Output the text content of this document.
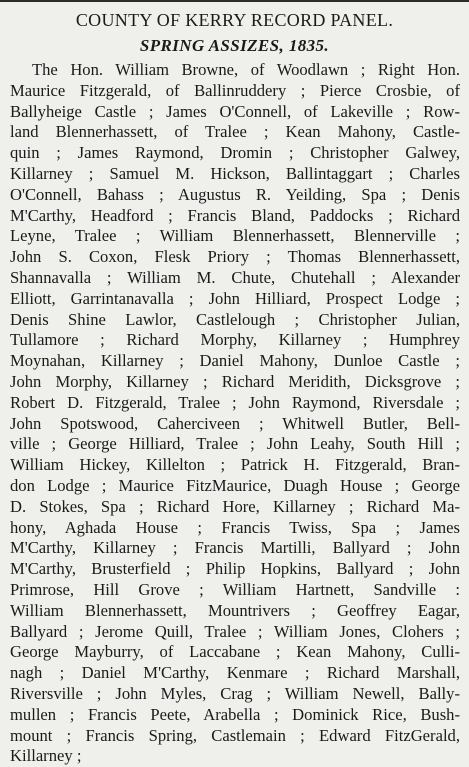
COUNTY OF KERRY RECORD PANEL.
SPRING ASSIZES, 1835.
The Hon. William Browne, of Woodlawn ; Right Hon.
Maurice Fitzgerald, of Ballinruddery ; Pierce Crosbie, of
Ballyheige Castle ; James O'Connell, of Lakeville ; Row-
land Blennerhassett, of Tralee ; Kean Mahony, Castle-
quin ; James Raymond, Dromin ; Christopher Galwey,
Killarney ; Samuel M. Hickson, Ballintaggart ; Charles
O'Connell, Bahass ; Augustus R. Yeilding, Spa ; Denis
M'Carthy, Headford ; Francis Bland, Paddocks ; Richard
Leyne, Tralee ; William Blennerhassett, Blennerville ;
John S. Coxon, Flesk Priory ; Thomas Blennerhassett,
Shannavalla ; William M. Chute, Chutehall ; Alexander
Elliott, Garrintanavalla ; John Hilliard, Prospect Lodge ;
Denis Shine Lawlor, Castlelough ; Christopher Julian,
Tullamore ; Richard Morphy, Killarney ; Humphrey
Moynahan, Killarney ; Daniel Mahony, Dunloe Castle ;
John Morphy, Killarney ; Richard Meridith, Dicksgrove ;
Robert D. Fitzgerald, Tralee ; John Raymond, Riversdale ;
John Spotswood, Caherciveen ; Whitwell Butler, Bell-
ville ; George Hilliard, Tralee ; John Leahy, South Hill ;
William Hickey, Killelton ; Patrick H. Fitzgerald, Bran-
don Lodge ; Maurice FitzMaurice, Duagh House ; George
D. Stokes, Spa ; Richard Hore, Killarney ; Richard Ma-
hony, Aghada House ; Francis Twiss, Spa ; James
M'Carthy, Killarney ; Francis Martilli, Ballyard ; John
M'Carthy, Brusterfield ; Philip Hopkins, Ballyard ; John
Primrose, Hill Grove ; William Hartnett, Sandville :
William Blennerhassett, Mountrivers ; Geoffrey Eagar,
Ballyard ; Jerome Quill, Tralee ; William Jones, Clohers ;
George Mayburry, of Laccabane ; Kean Mahony, Culli-
nagh ; Daniel M'Carthy, Kenmare ; Richard Marshall,
Riversville ; John Myles, Crag ; William Newell, Bally-
mullen ; Francis Peete, Arabella ; Dominick Rice, Bush-
mount ; Francis Spring, Castlemain ; Edward FitzGerald,
Killarney ;
